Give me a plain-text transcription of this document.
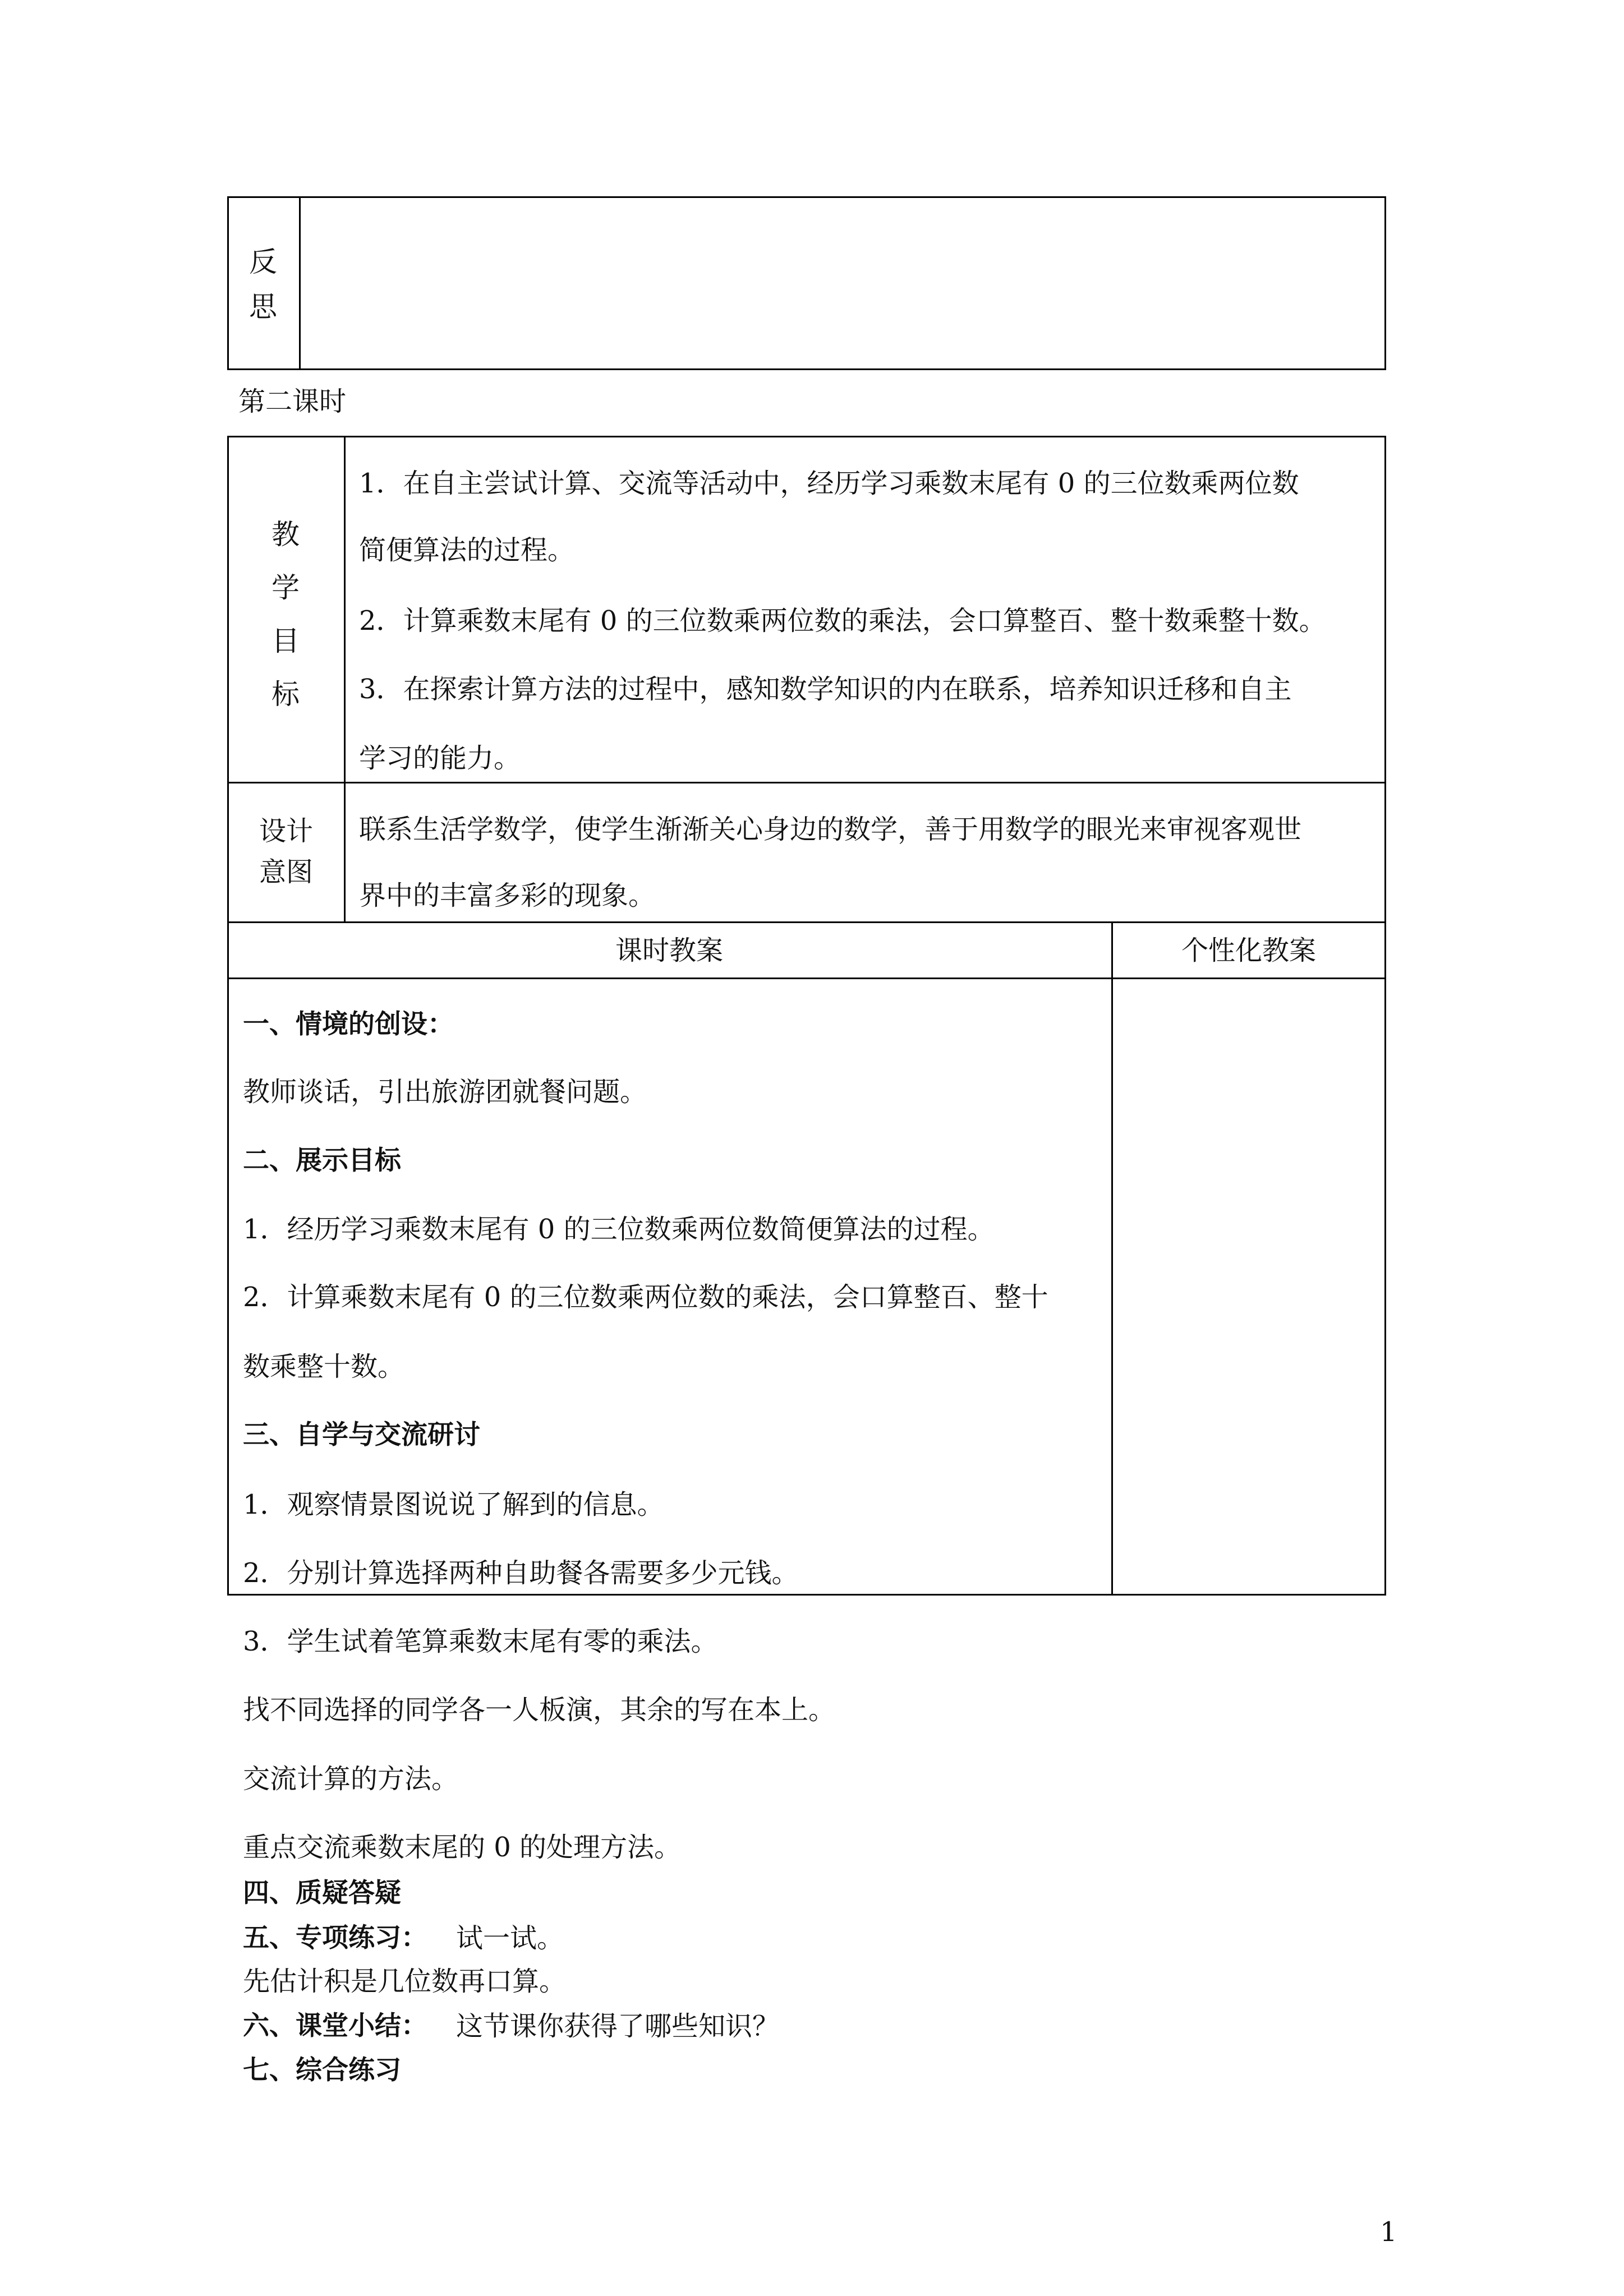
反
思
第二课时
教
学
目
标
1．在自主尝试计算、交流等活动中，经历学习乘数末尾有 0 的三位数乘两位数
简便算法的过程。
2．计算乘数末尾有 0 的三位数乘两位数的乘法，会口算整百、整十数乘整十数。
3．在探索计算方法的过程中，感知数学知识的内在联系，培养知识迁移和自主
学习的能力。
设计
意图
联系生活学数学，使学生渐渐关心身边的数学，善于用数学的眼光来审视客观世
界中的丰富多彩的现象。
课时教案	个性化教案
一、情境的创设：
教师谈话，引出旅游团就餐问题。
二、展示目标
1．经历学习乘数末尾有 0 的三位数乘两位数简便算法的过程。
2．计算乘数末尾有 0 的三位数乘两位数的乘法，会口算整百、整十
数乘整十数。
三、自学与交流研讨
1．观察情景图说说了解到的信息。
2．分别计算选择两种自助餐各需要多少元钱。
3．学生试着笔算乘数末尾有零的乘法。
找不同选择的同学各一人板演，其余的写在本上。
交流计算的方法。
重点交流乘数末尾的 0 的处理方法。
四、质疑答疑
五、专项练习： 试一试。
先估计积是几位数再口算。
六、课堂小结： 这节课你获得了哪些知识？
七、综合练习
1
